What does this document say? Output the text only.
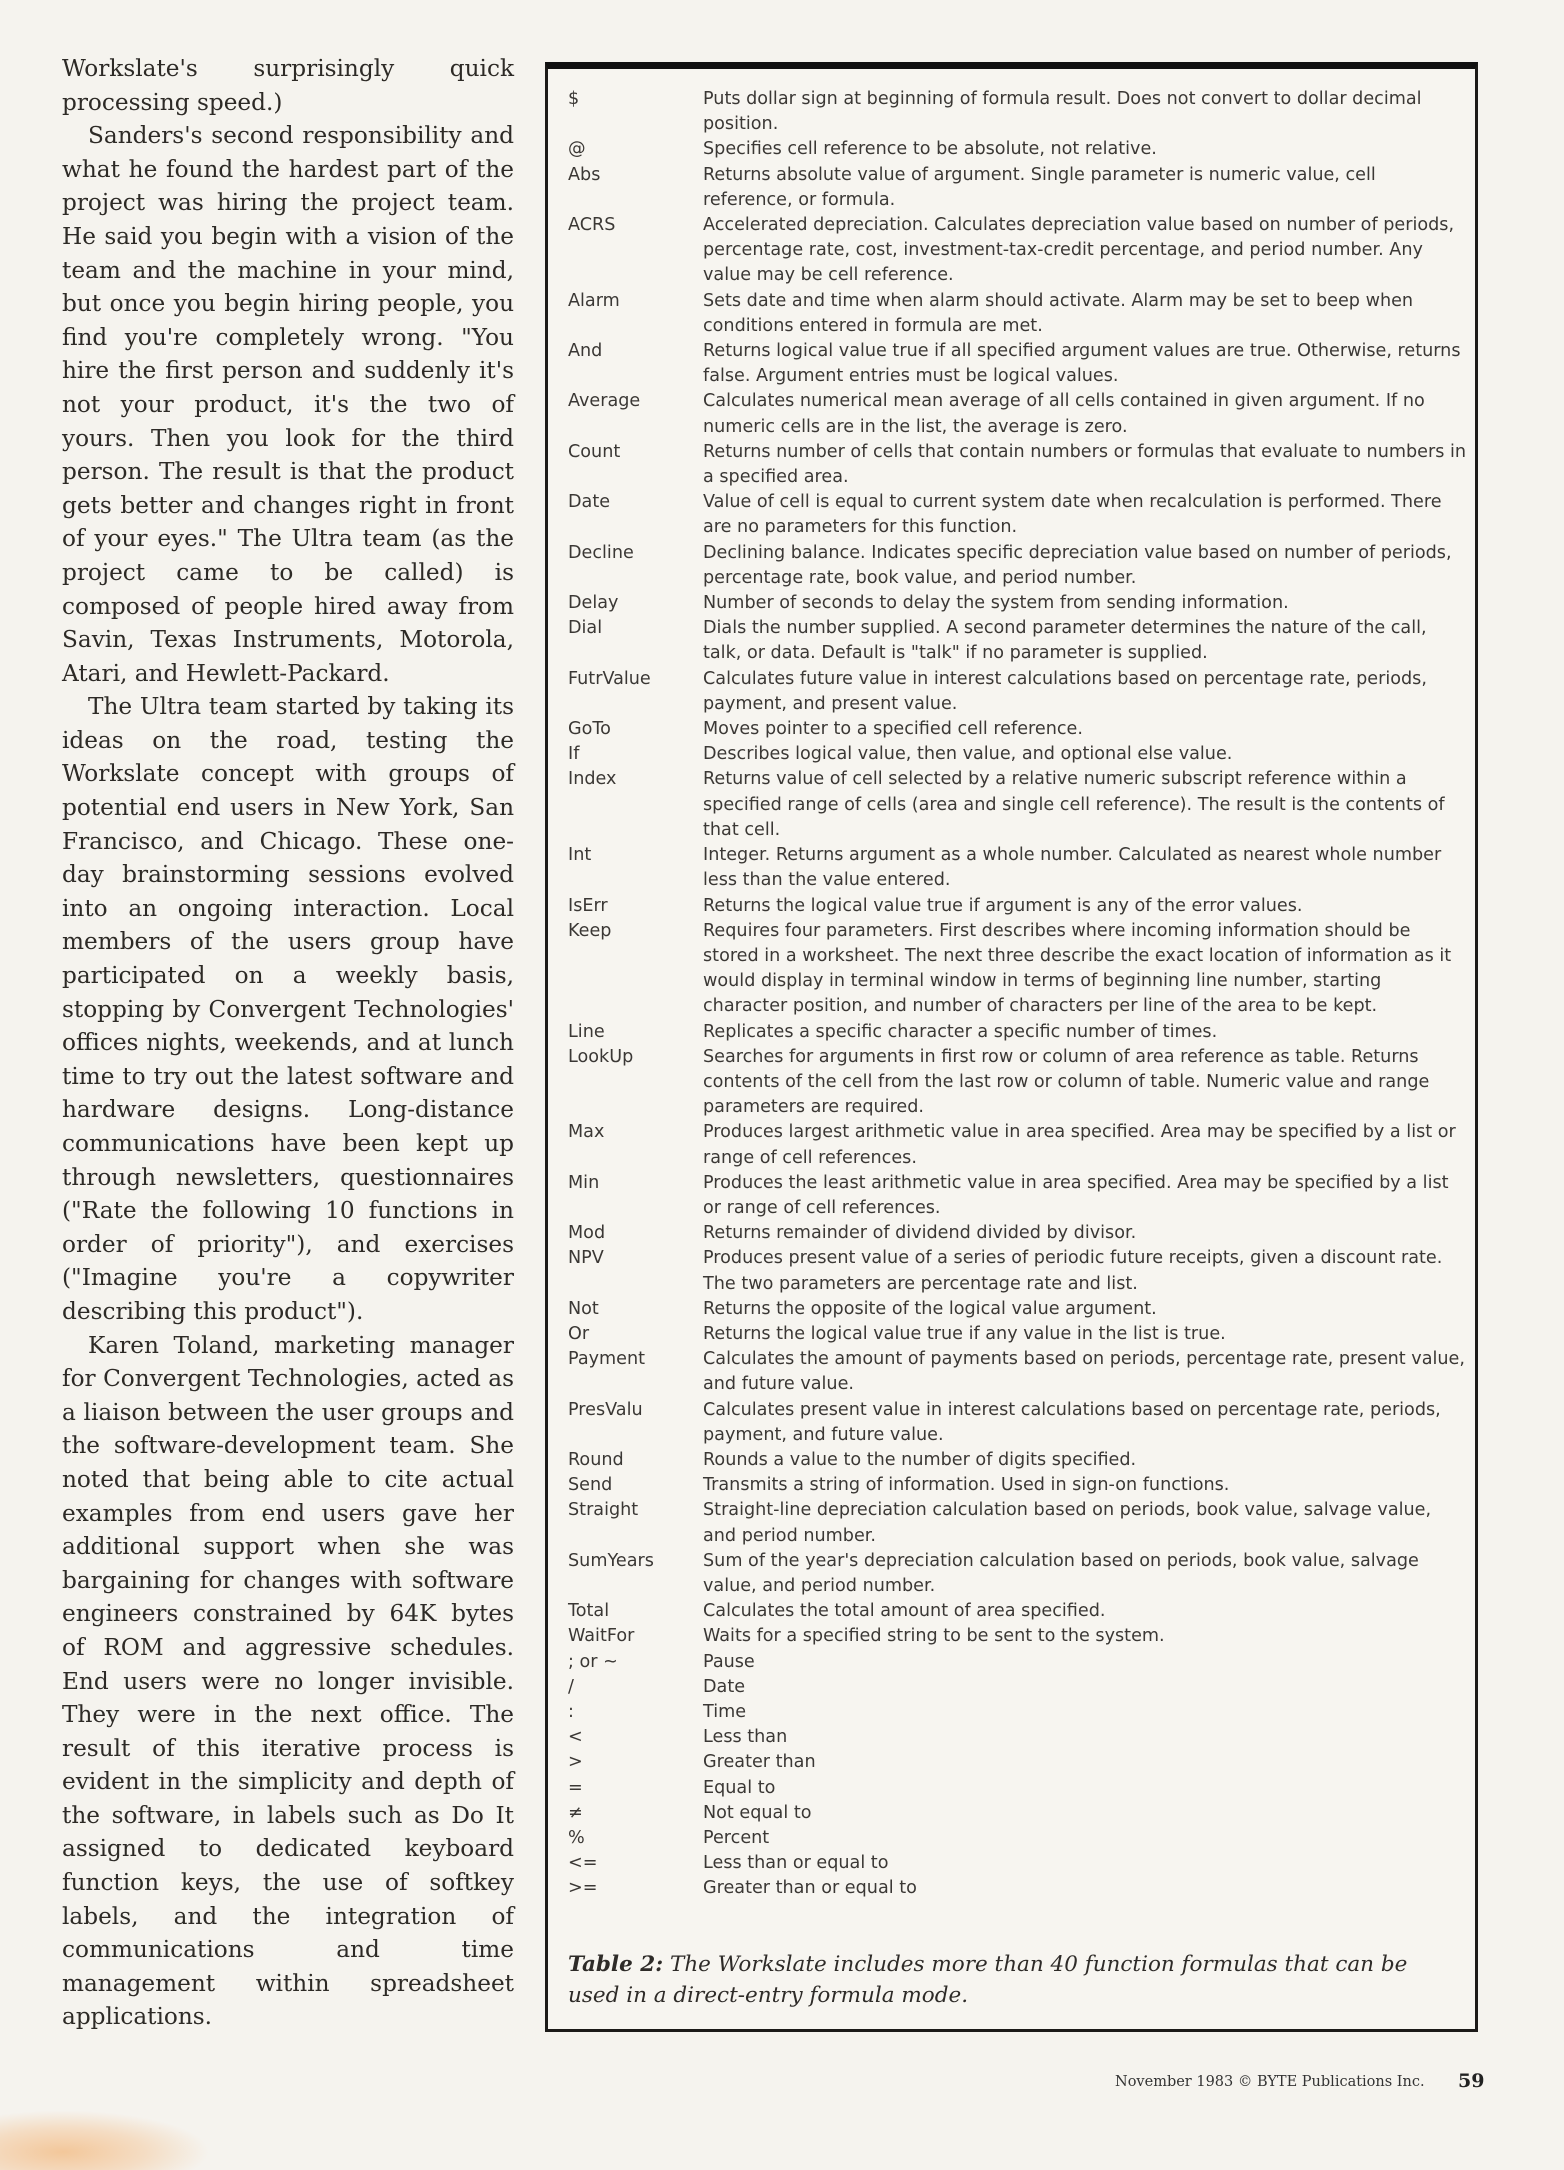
Workslate's surprisingly quick processing speed.)

Sanders's second responsibility and what he found the hardest part of the project was hiring the project team. He said you begin with a vision of the team and the machine in your mind, but once you begin hiring people, you find you're completely wrong. "You hire the first person and suddenly it's not your product, it's the two of yours. Then you look for the third person. The result is that the product gets better and changes right in front of your eyes." The Ultra team (as the project came to be called) is composed of people hired away from Savin, Texas Instruments, Motorola, Atari, and Hewlett-Packard.

The Ultra team started by taking its ideas on the road, testing the Workslate concept with groups of potential end users in New York, San Francisco, and Chicago. These one-day brainstorming sessions evolved into an ongoing interaction. Local members of the users group have participated on a weekly basis, stopping by Convergent Technologies' offices nights, weekends, and at lunch time to try out the latest software and hardware designs. Long-distance communications have been kept up through newsletters, questionnaires ("Rate the following 10 functions in order of priority"), and exercises ("Imagine you're a copywriter describing this product").

Karen Toland, marketing manager for Convergent Technologies, acted as a liaison between the user groups and the software-development team. She noted that being able to cite actual examples from end users gave her additional support when she was bargaining for changes with software engineers constrained by 64K bytes of ROM and aggressive schedules. End users were no longer invisible. They were in the next office. The result of this iterative process is evident in the simplicity and depth of the software, in labels such as Do It assigned to dedicated keyboard function keys, the use of softkey labels, and the integration of communications and time management within spreadsheet applications.

$	Puts dollar sign at beginning of formula result. Does not convert to dollar decimal position.
@	Specifies cell reference to be absolute, not relative.
Abs	Returns absolute value of argument. Single parameter is numeric value, cell reference, or formula.
ACRS	Accelerated depreciation. Calculates depreciation value based on number of periods, percentage rate, cost, investment-tax-credit percentage, and period number. Any value may be cell reference.
Alarm	Sets date and time when alarm should activate. Alarm may be set to beep when conditions entered in formula are met.
And	Returns logical value true if all specified argument values are true. Otherwise, returns false. Argument entries must be logical values.
Average	Calculates numerical mean average of all cells contained in given argument. If no numeric cells are in the list, the average is zero.
Count	Returns number of cells that contain numbers or formulas that evaluate to numbers in a specified area.
Date	Value of cell is equal to current system date when recalculation is performed. There are no parameters for this function.
Decline	Declining balance. Indicates specific depreciation value based on number of periods, percentage rate, book value, and period number.
Delay	Number of seconds to delay the system from sending information.
Dial	Dials the number supplied. A second parameter determines the nature of the call, talk, or data. Default is "talk" if no parameter is supplied.
FutrValue	Calculates future value in interest calculations based on percentage rate, periods, payment, and present value.
GoTo	Moves pointer to a specified cell reference.
If	Describes logical value, then value, and optional else value.
Index	Returns value of cell selected by a relative numeric subscript reference within a specified range of cells (area and single cell reference). The result is the contents of that cell.
Int	Integer. Returns argument as a whole number. Calculated as nearest whole number less than the value entered.
IsErr	Returns the logical value true if argument is any of the error values.
Keep	Requires four parameters. First describes where incoming information should be stored in a worksheet. The next three describe the exact location of information as it would display in terminal window in terms of beginning line number, starting character position, and number of characters per line of the area to be kept.
Line	Replicates a specific character a specific number of times.
LookUp	Searches for arguments in first row or column of area reference as table. Returns contents of the cell from the last row or column of table. Numeric value and range parameters are required.
Max	Produces largest arithmetic value in area specified. Area may be specified by a list or range of cell references.
Min	Produces the least arithmetic value in area specified. Area may be specified by a list or range of cell references.
Mod	Returns remainder of dividend divided by divisor.
NPV	Produces present value of a series of periodic future receipts, given a discount rate. The two parameters are percentage rate and list.
Not	Returns the opposite of the logical value argument.
Or	Returns the logical value true if any value in the list is true.
Payment	Calculates the amount of payments based on periods, percentage rate, present value, and future value.
PresValu	Calculates present value in interest calculations based on percentage rate, periods, payment, and future value.
Round	Rounds a value to the number of digits specified.
Send	Transmits a string of information. Used in sign-on functions.
Straight	Straight-line depreciation calculation based on periods, book value, salvage value, and period number.
SumYears	Sum of the year's depreciation calculation based on periods, book value, salvage value, and period number.
Total	Calculates the total amount of area specified.
WaitFor	Waits for a specified string to be sent to the system.
; or ~	Pause
/	Date
:	Time
<	Less than
>	Greater than
=	Equal to
≠	Not equal to
%	Percent
<=	Less than or equal to
>=	Greater than or equal to
Table 2: The Workslate includes more than 40 function formulas that can be used in a direct-entry formula mode.
November 1983 © BYTE Publications Inc. 59
